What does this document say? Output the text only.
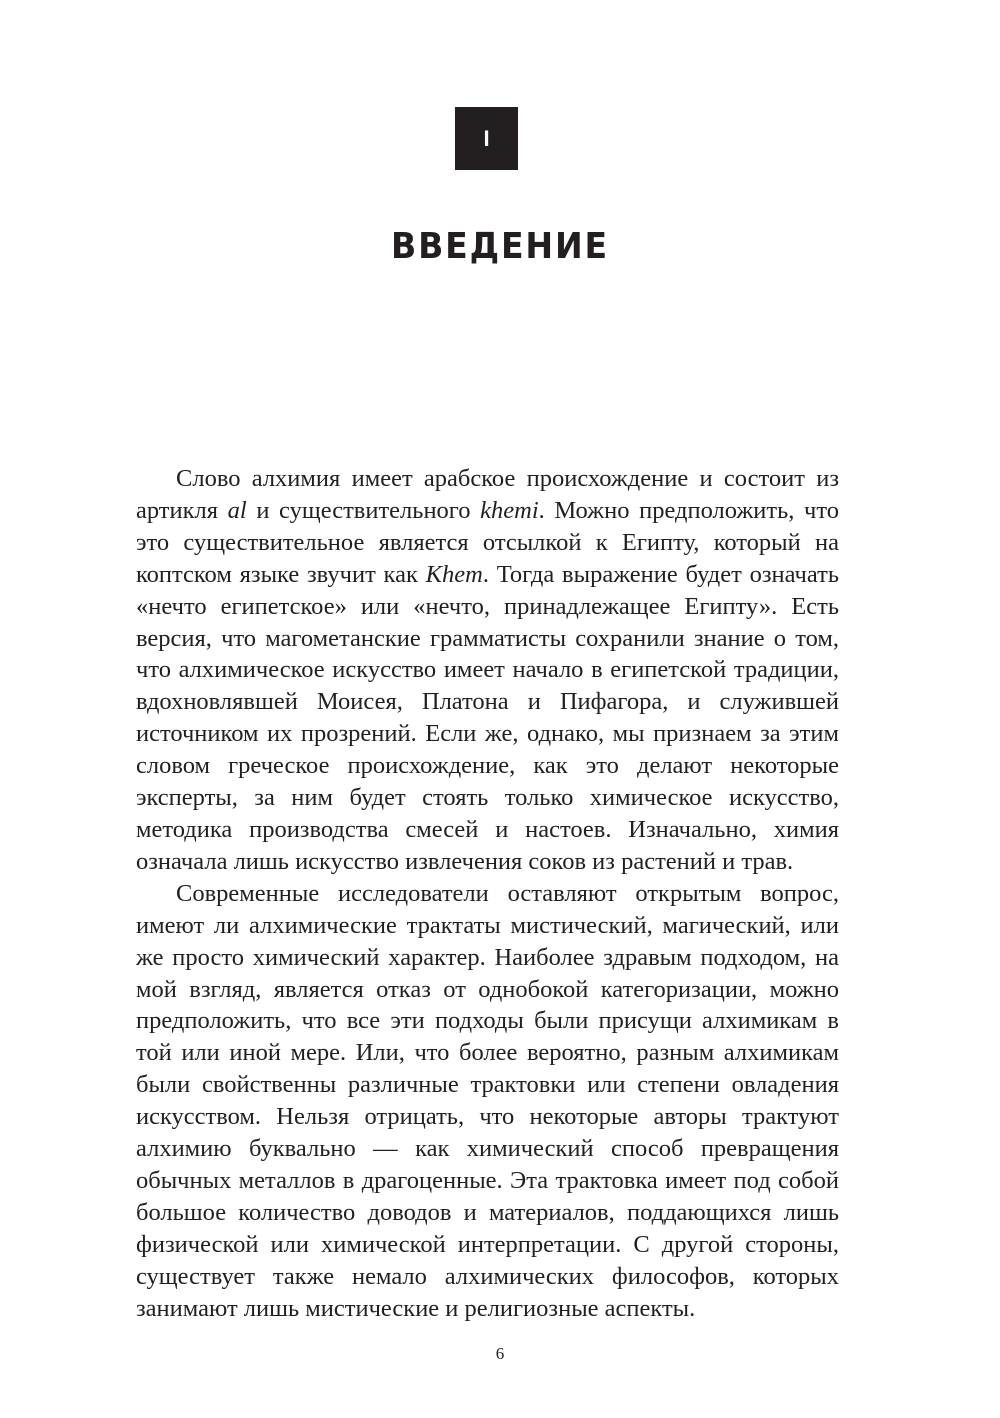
I
ВВЕДЕНИЕ

Слово алхимия имеет арабское происхождение и состоит из артикля al и существительного khemi. Можно предположить, что это существительное является отсылкой к Египту, который на коптском языке звучит как Khem. Тогда выражение будет означать «нечто египетское» или «нечто, принадлежащее Египту». Есть версия, что магометанские грамматисты сохранили знание о том, что алхимическое искусство имеет начало в египетской традиции, вдохновлявшей Моисея, Платона и Пифагора, и служившей источником их прозрений. Если же, однако, мы признаем за этим словом греческое происхождение, как это делают некоторые эксперты, за ним будет стоять только химическое искусство, методика производства смесей и настоев. Изначально, химия означала лишь искусство извлечения соков из растений и трав.

Современные исследователи оставляют открытым вопрос, имеют ли алхимические трактаты мистический, магический, или же просто химический характер. Наиболее здравым подходом, на мой взгляд, является отказ от однобокой категоризации, можно предположить, что все эти подходы были присущи алхимикам в той или иной мере. Или, что более вероятно, разным алхимикам были свойственны различные трактовки или степени овладения искусством. Нельзя отрицать, что некоторые авторы трактуют алхимию буквально — как химический способ превращения обычных металлов в драгоценные. Эта трактовка имеет под собой большое количество доводов и материалов, поддающихся лишь физической или химической интерпретации. С другой стороны, существует также немало алхимических философов, которых занимают лишь мистические и религиозные аспекты.

6
